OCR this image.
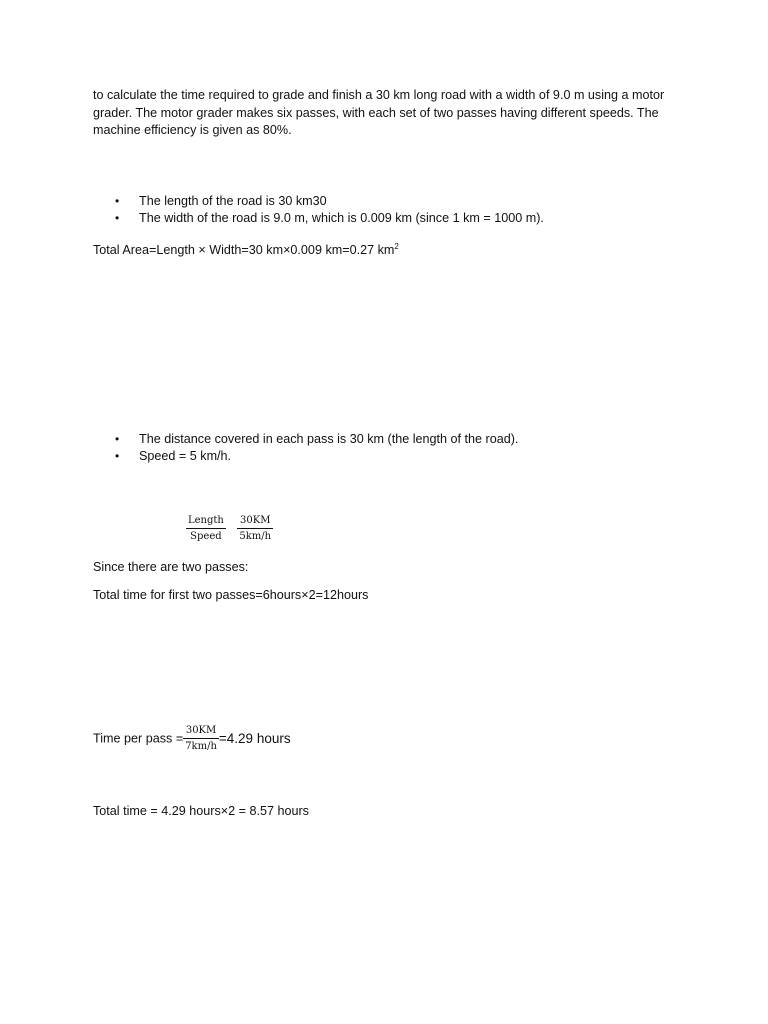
to calculate the time required to grade and finish a 30 km long road with a width of 9.0 m using a motor grader. The motor grader makes six passes, with each set of two passes having different speeds. The machine efficiency is given as 80%.

• The length of the road is 30 km30
• The width of the road is 9.0 m, which is 0.009 km (since 1 km = 1000 m).
Total Area=Length × Width=30 km×0.009 km=0.27 $km^2$
• The distance covered in each pass is 30 km (the length of the road).
• Speed = 5 km/h.
$\frac{\text{Length}}{\text{Speed}}$
$\frac{30KM}{5km/h}$
Since there are two passes:
Total time for first two passes=6hours×2=12hours
Time per pass = $\frac{30KM}{7km/h} =4.29$ hours
Total time = 4.29 hours×2 = 8.57 hours
